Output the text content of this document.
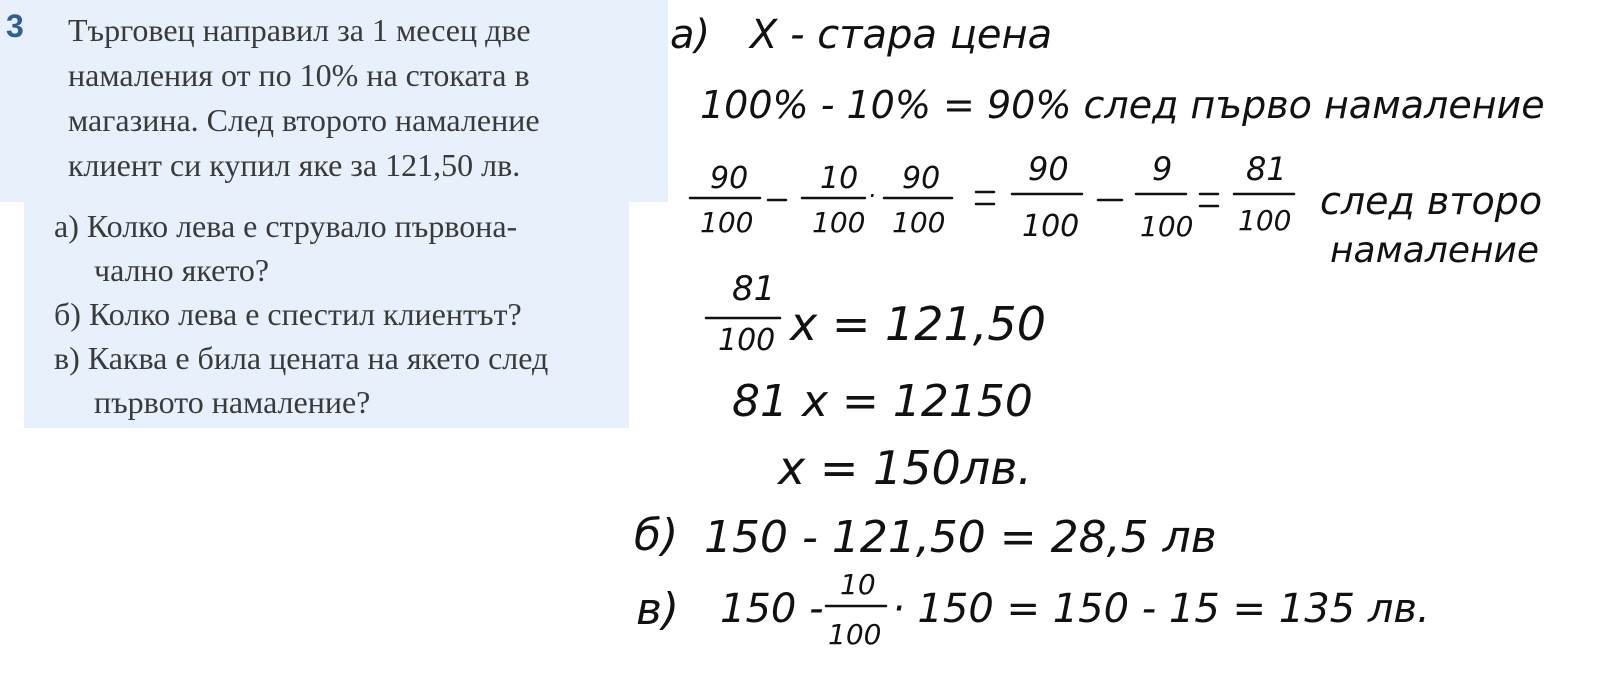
3 Търговец направил за 1 месец две
намаления от по 10% на стоката в
магазина. След второто намаление
клиент си купил яке за 121,50 лв.
а) Колко лева е струвало първона-
чално якето?
б) Колко лева е спестил клиентът?
в) Каква е била цената на якето след
първото намаление?
а) X - стара цена
100% - 10% = 90% след първо намаление
90
100
10
100
· 90
100
90
100
9
100
81
100 след второ
намаление
81
100 x = 121,50
81 x = 12150
x = 150лв.
б) 150 - 121,50 = 28,5 лв
в) 150 -
10
100
· 150 = 150 - 15 = 135 лв.
